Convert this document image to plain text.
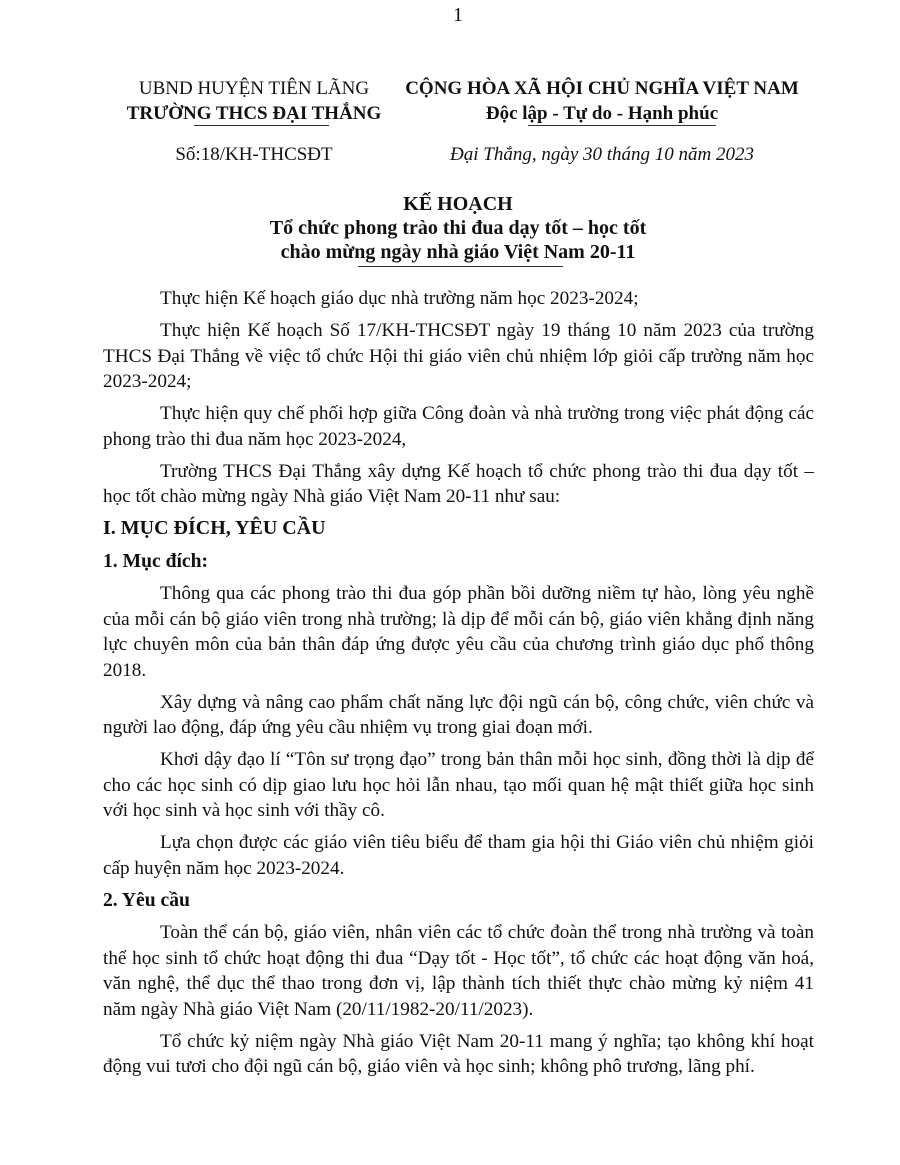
1
UBND HUYỆN TIÊN LÃNG
TRƯỜNG THCS ĐẠI THẮNG
CỘNG HÒA XÃ HỘI CHỦ NGHĨA VIỆT NAM
Độc lập - Tự do - Hạnh phúc
Số:18/KH-THCSĐT	Đại Thắng, ngày 30 tháng 10 năm 2023
KẾ HOẠCH
Tổ chức phong trào thi đua dạy tốt – học tốt
chào mừng ngày nhà giáo Việt Nam 20-11

Thực hiện Kế hoạch giáo dục nhà trường năm học 2023-2024;

Thực hiện Kế hoạch Số 17/KH-THCSĐT ngày 19 tháng 10 năm 2023 của trường THCS Đại Thắng về việc tổ chức Hội thi giáo viên chủ nhiệm lớp giỏi cấp trường năm học 2023-2024;

Thực hiện quy chế phối hợp giữa Công đoàn và nhà trường trong việc phát động các phong trào thi đua năm học 2023-2024,

Trường THCS Đại Thắng xây dựng Kế hoạch tổ chức phong trào thi đua dạy tốt – học tốt chào mừng ngày Nhà giáo Việt Nam 20-11 như sau:

I. MỤC ĐÍCH, YÊU CẦU
1. Mục đích:

Thông qua các phong trào thi đua góp phần bồi dưỡng niềm tự hào, lòng yêu nghề của mỗi cán bộ giáo viên trong nhà trường; là dịp để mỗi cán bộ, giáo viên khẳng định năng lực chuyên môn của bản thân đáp ứng được yêu cầu của chương trình giáo dục phổ thông 2018.

Xây dựng và nâng cao phẩm chất năng lực đội ngũ cán bộ, công chức, viên chức và người lao động, đáp ứng yêu cầu nhiệm vụ trong giai đoạn mới.

Khơi dậy đạo lí “Tôn sư trọng đạo” trong bản thân mỗi học sinh, đồng thời là dịp để cho các học sinh có dịp giao lưu học hỏi lẫn nhau, tạo mối quan hệ mật thiết giữa học sinh với học sinh và học sinh với thầy cô.

Lựa chọn được các giáo viên tiêu biểu để tham gia hội thi Giáo viên chủ nhiệm giỏi cấp huyện năm học 2023-2024.

2. Yêu cầu

Toàn thể cán bộ, giáo viên, nhân viên các tổ chức đoàn thể trong nhà trường và toàn thể học sinh tổ chức hoạt động thi đua “Dạy tốt - Học tốt”, tổ chức các hoạt động văn hoá, văn nghệ, thể dục thể thao trong đơn vị, lập thành tích thiết thực chào mừng kỷ niệm 41 năm ngày Nhà giáo Việt Nam (20/11/1982-20/11/2023).

Tổ chức kỷ niệm ngày Nhà giáo Việt Nam 20-11 mang ý nghĩa; tạo không khí hoạt động vui tươi cho đội ngũ cán bộ, giáo viên và học sinh; không phô trương, lãng phí.
